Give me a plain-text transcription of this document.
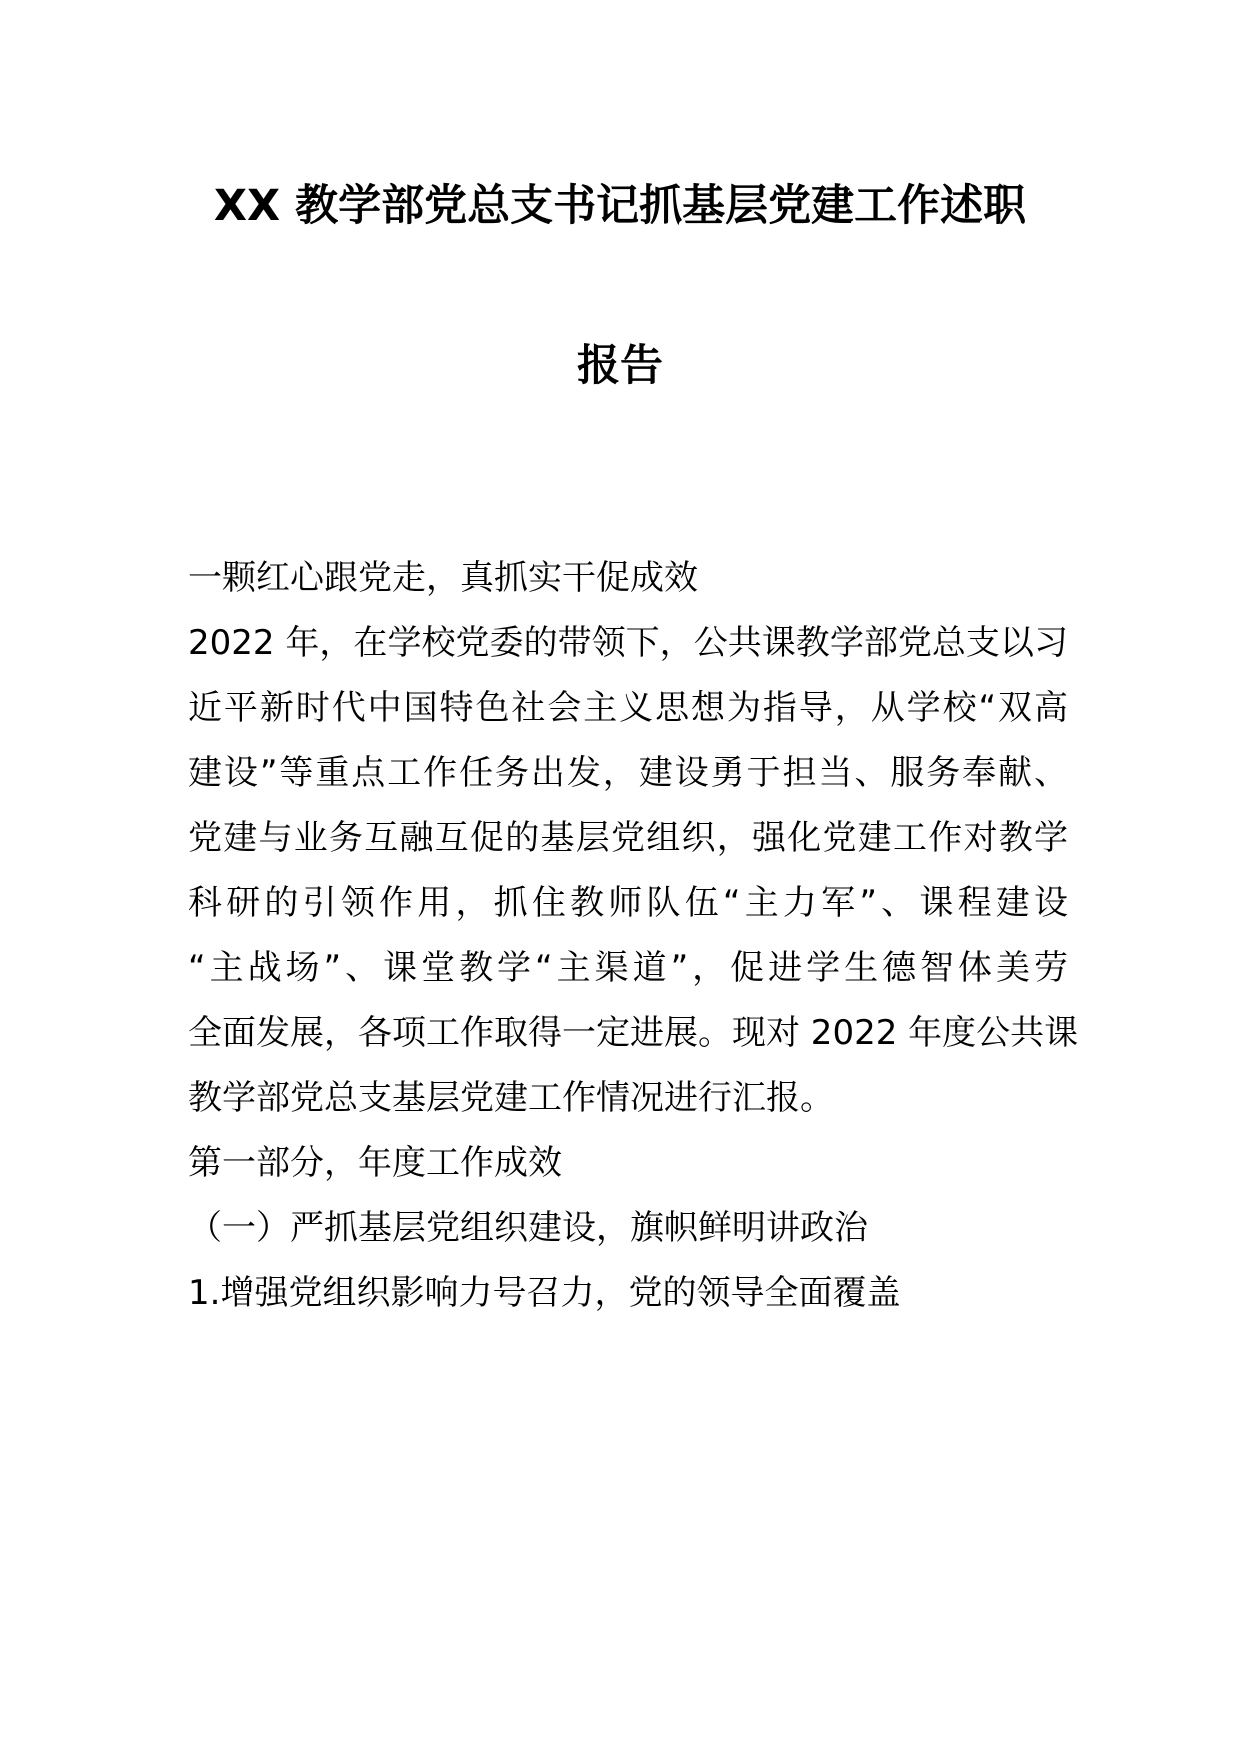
XX 教学部党总支书记抓基层党建工作述职
报告
一颗红心跟党走，真抓实干促成效
2022 年，在学校党委的带领下，公共课教学部党总支以习
近平新时代中国特色社会主义思想为指导，从学校“双高
建设”等重点工作任务出发，建设勇于担当、服务奉献、
党建与业务互融互促的基层党组织，强化党建工作对教学
科研的引领作用，抓住教师队伍“主力军”、课程建设
“主战场”、课堂教学“主渠道”，促进学生德智体美劳
全面发展，各项工作取得一定进展。现对 2022 年度公共课
教学部党总支基层党建工作情况进行汇报。
第一部分，年度工作成效
（一）严抓基层党组织建设，旗帜鲜明讲政治
1.增强党组织影响力号召力，党的领导全面覆盖
